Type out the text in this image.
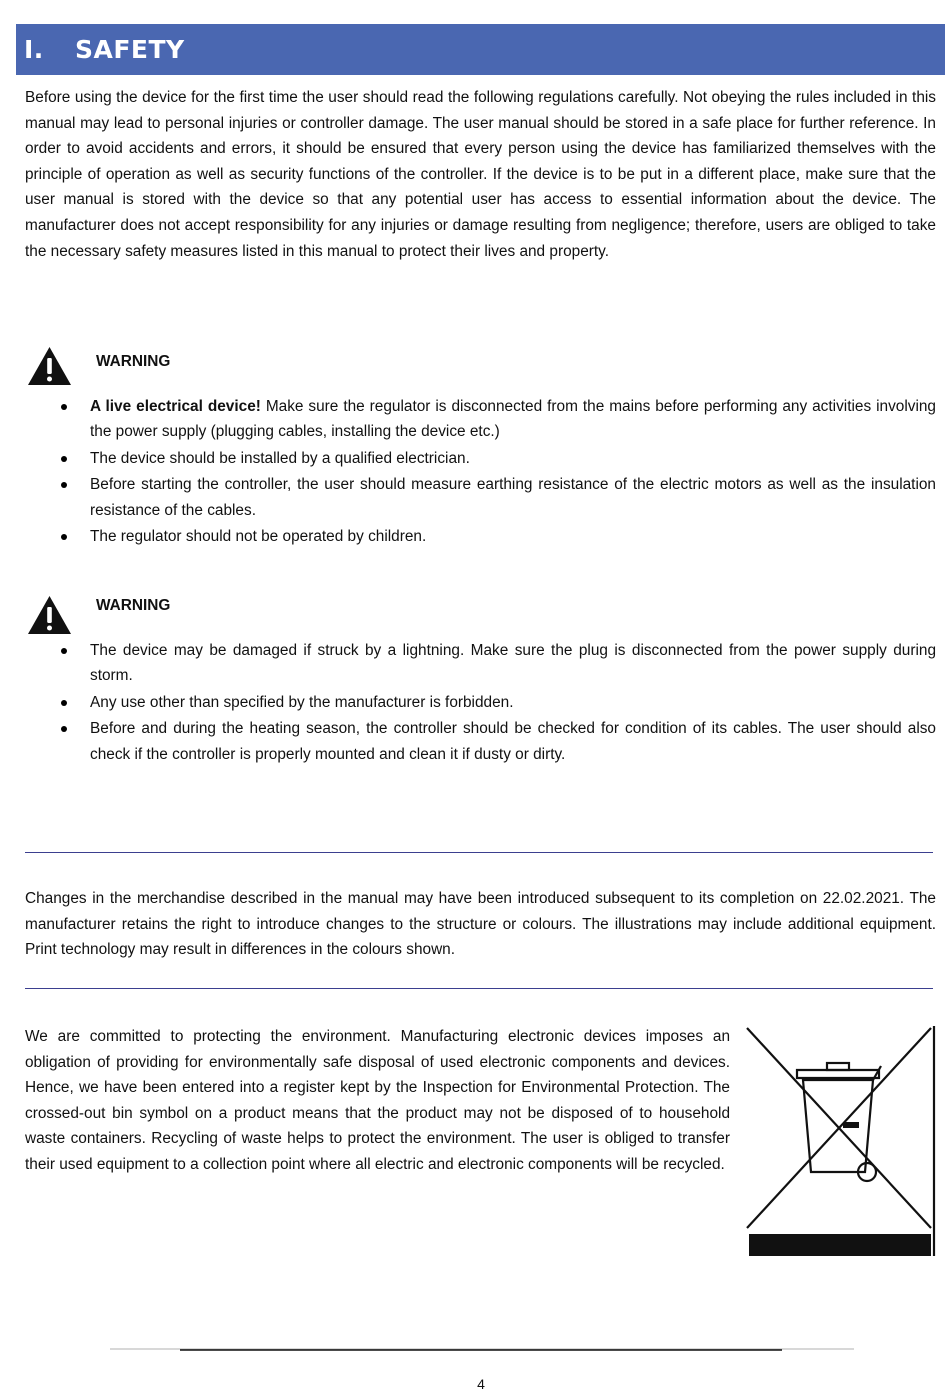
I. SAFETY

Before using the device for the first time the user should read the following regulations carefully. Not obeying the rules included in this manual may lead to personal injuries or controller damage. The user manual should be stored in a safe place for further reference. In order to avoid accidents and errors, it should be ensured that every person using the device has familiarized themselves with the principle of operation as well as security functions of the controller. If the device is to be put in a different place, make sure that the user manual is stored with the device so that any potential user has access to essential information about the device. The manufacturer does not accept responsibility for any injuries or damage resulting from negligence; therefore, users are obliged to take the necessary safety measures listed in this manual to protect their lives and property.

WARNING
A live electrical device! Make sure the regulator is disconnected from the mains before performing any activities involving the power supply (plugging cables, installing the device etc.)
The device should be installed by a qualified electrician.
Before starting the controller, the user should measure earthing resistance of the electric motors as well as the insulation resistance of the cables.
The regulator should not be operated by children.
WARNING
The device may be damaged if struck by a lightning. Make sure the plug is disconnected from the power supply during storm.
Any use other than specified by the manufacturer is forbidden.
Before and during the heating season, the controller should be checked for condition of its cables. The user should also check if the controller is properly mounted and clean it if dusty or dirty.

Changes in the merchandise described in the manual may have been introduced subsequent to its completion on 22.02.2021. The manufacturer retains the right to introduce changes to the structure or colours. The illustrations may include additional equipment. Print technology may result in differences in the colours shown.

We are committed to protecting the environment. Manufacturing electronic devices imposes an obligation of providing for environmentally safe disposal of used electronic components and devices. Hence, we have been entered into a register kept by the Inspection for Environmental Protection. The crossed-out bin symbol on a product means that the product may not be disposed of to household waste containers. Recycling of waste helps to protect the environment. The user is obliged to transfer their used equipment to a collection point where all electric and electronic components will be recycled.

4
